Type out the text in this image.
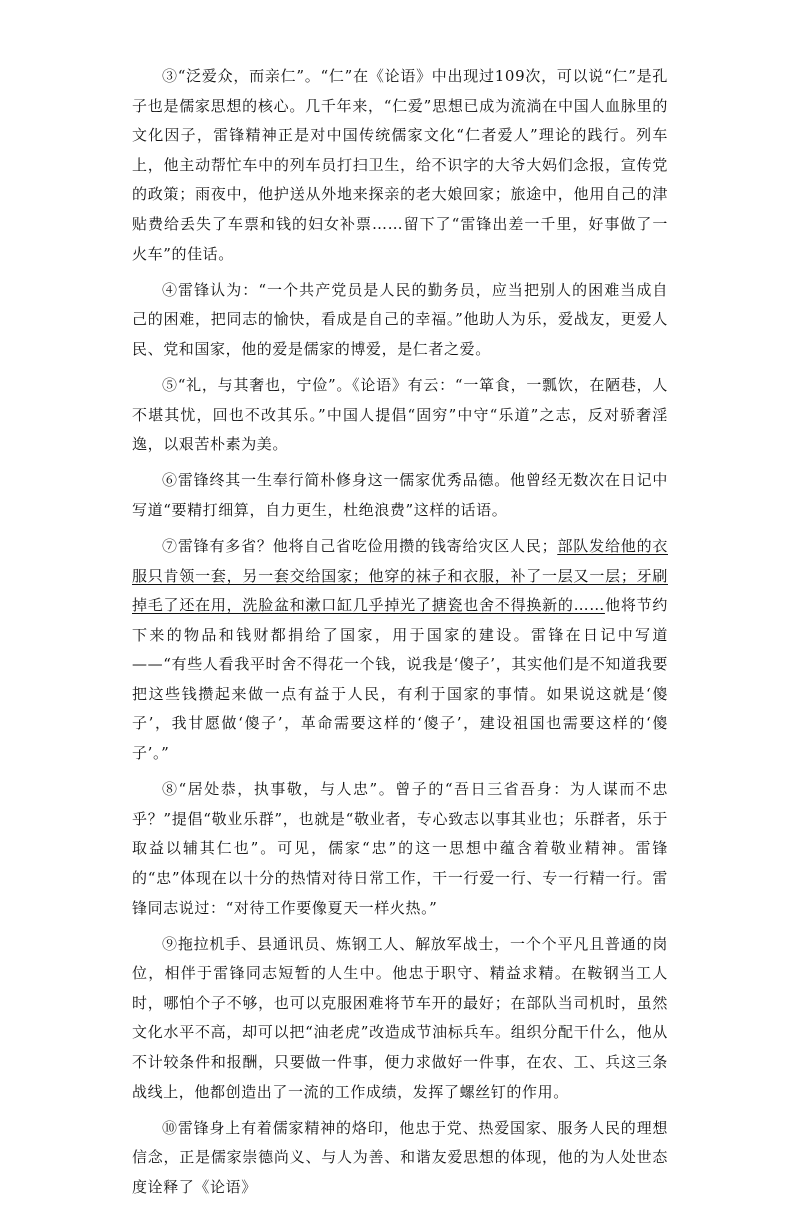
③“泛爱众，而亲仁”。“仁”在《论语》中出现过109次，可以说“仁”是孔子也是儒家思想的核心。几千年来，“仁爱”思想已成为流淌在中国人血脉里的文化因子，雷锋精神正是对中国传统儒家文化“仁者爱人”理论的践行。列车上，他主动帮忙车中的列车员打扫卫生，给不识字的大爷大妈们念报，宣传党的政策；雨夜中，他护送从外地来探亲的老大娘回家；旅途中，他用自己的津贴费给丢失了车票和钱的妇女补票……留下了“雷锋出差一千里，好事做了一火车”的佳话。

④雷锋认为：“一个共产党员是人民的勤务员，应当把别人的困难当成自己的困难，把同志的愉快，看成是自己的幸福。”他助人为乐，爱战友，更爱人民、党和国家，他的爱是儒家的博爱，是仁者之爱。

⑤“礼，与其奢也，宁俭”。《论语》有云：“一箪食，一瓢饮，在陋巷，人不堪其忧，回也不改其乐。”中国人提倡“固穷”中守“乐道”之志，反对骄奢淫逸，以艰苦朴素为美。

⑥雷锋终其一生奉行简朴修身这一儒家优秀品德。他曾经无数次在日记中写道“要精打细算，自力更生，杜绝浪费”这样的话语。

⑦雷锋有多省？他将自己省吃俭用攒的钱寄给灾区人民；部队发给他的衣服只肯领一套，另一套交给国家；他穿的袜子和衣服，补了一层又一层；牙刷掉毛了还在用，洗脸盆和漱口缸几乎掉光了搪瓷也舍不得换新的……他将节约下来的物品和钱财都捐给了国家，用于国家的建设。雷锋在日记中写道——“有些人看我平时舍不得花一个钱，说我是‘傻子’，其实他们是不知道我要把这些钱攒起来做一点有益于人民，有利于国家的事情。如果说这就是‘傻子’，我甘愿做‘傻子’，革命需要这样的‘傻子’，建设祖国也需要这样的‘傻子’。”

⑧“居处恭，执事敬，与人忠”。曾子的“吾日三省吾身：为人谋而不忠乎？”提倡“敬业乐群”，也就是“敬业者，专心致志以事其业也；乐群者，乐于取益以辅其仁也”。可见，儒家“忠”的这一思想中蕴含着敬业精神。雷锋的“忠”体现在以十分的热情对待日常工作，干一行爱一行、专一行精一行。雷锋同志说过：“对待工作要像夏天一样火热。”

⑨拖拉机手、县通讯员、炼钢工人、解放军战士，一个个平凡且普通的岗位，相伴于雷锋同志短暂的人生中。他忠于职守、精益求精。在鞍钢当工人时，哪怕个子不够，也可以克服困难将节车开的最好；在部队当司机时，虽然文化水平不高，却可以把“油老虎”改造成节油标兵车。组织分配干什么，他从不计较条件和报酬，只要做一件事，便力求做好一件事，在农、工、兵这三条战线上，他都创造出了一流的工作成绩，发挥了螺丝钉的作用。

⑩雷锋身上有着儒家精神的烙印，他忠于党、热爱国家、服务人民的理想信念，正是儒家崇德尚义、与人为善、和谐友爱思想的体现，他的为人处世态度诠释了《论语》
